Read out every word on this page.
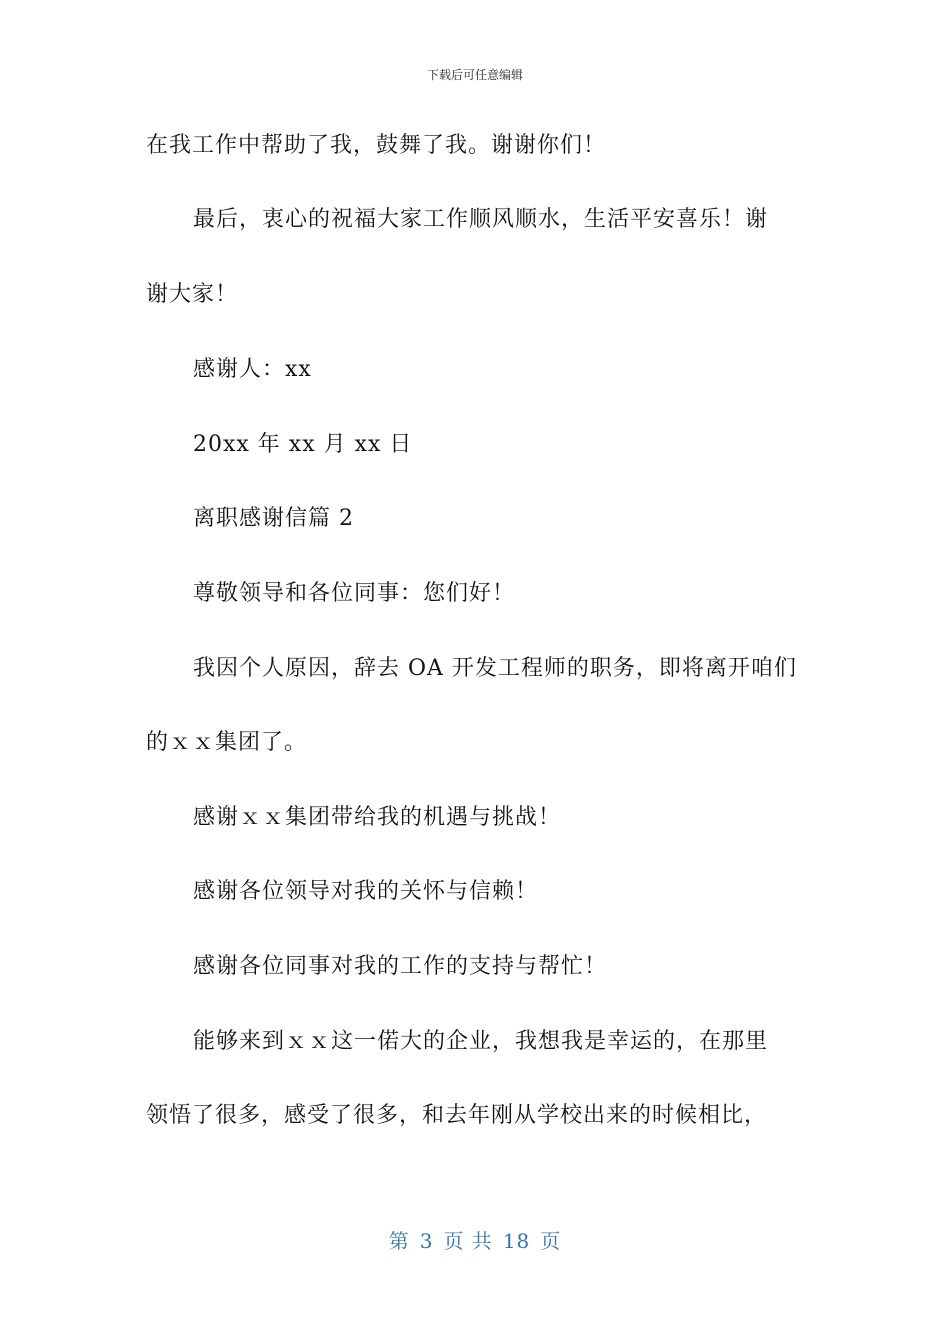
下载后可任意编辑
在我工作中帮助了我，鼓舞了我。谢谢你们！
最后，衷心的祝福大家工作顺风顺水，生活平安喜乐！谢
谢大家！
感谢人：xx
20xx 年 xx 月 xx 日
离职感谢信篇 2
尊敬领导和各位同事：您们好！
我因个人原因，辞去 OA 开发工程师的职务，即将离开咱们
的ｘｘ集团了。
感谢ｘｘ集团带给我的机遇与挑战！
感谢各位领导对我的关怀与信赖！
感谢各位同事对我的工作的支持与帮忙！
能够来到ｘｘ这一偌大的企业，我想我是幸运的，在那里
领悟了很多，感受了很多，和去年刚从学校出来的时候相比，
第 3 页 共 18 页
